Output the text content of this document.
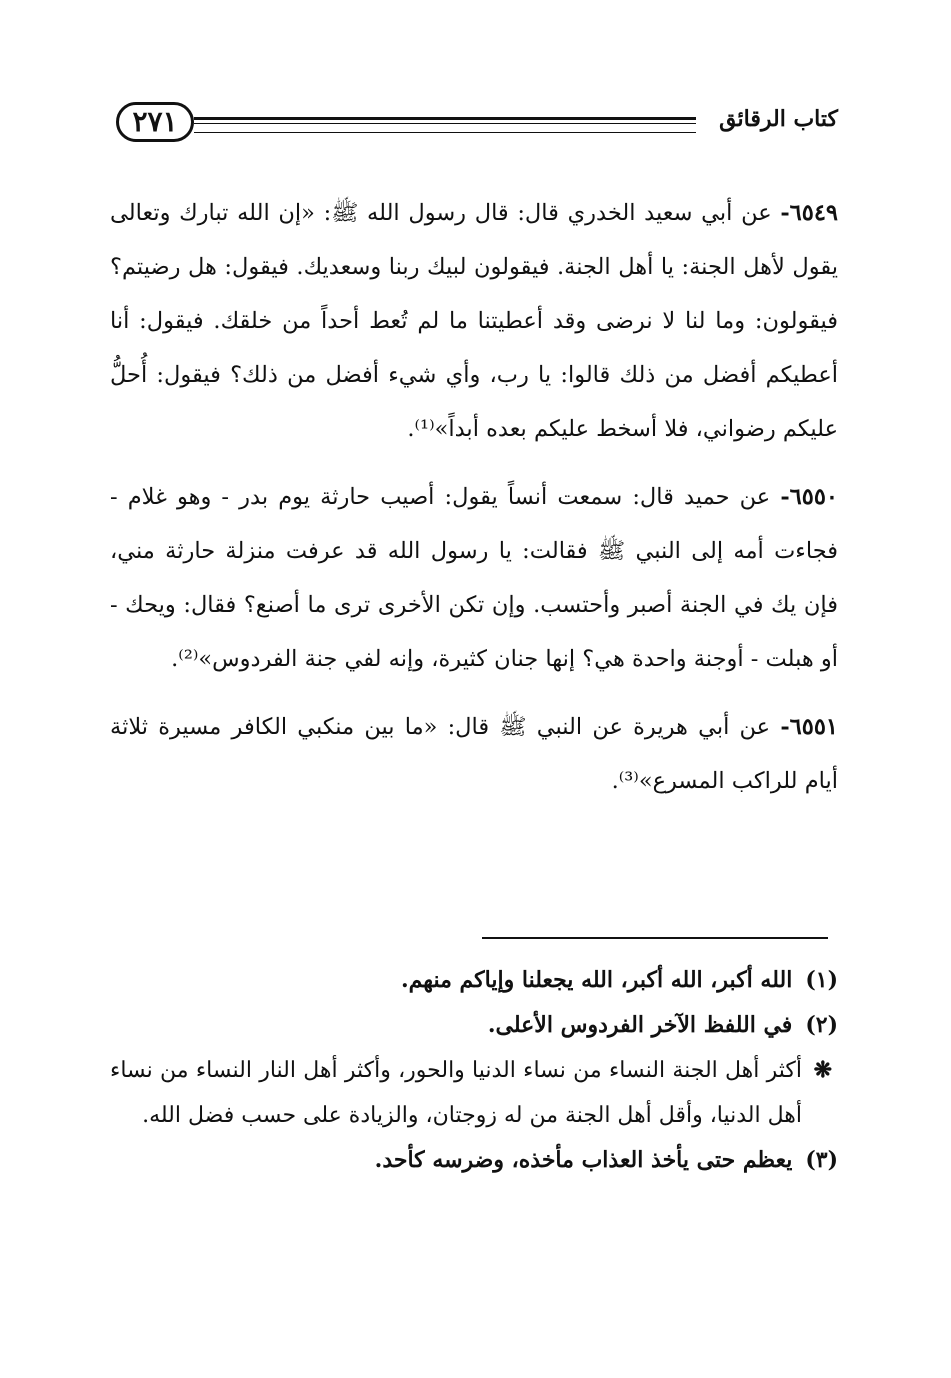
كتاب الرقائق
٢٧١

٦٥٤٩- عن أبي سعيد الخدري قال: قال رسول الله ﷺ: «إن الله تبارك وتعالى يقول لأهل الجنة: يا أهل الجنة. فيقولون لبيك ربنا وسعديك. فيقول: هل رضيتم؟ فيقولون: وما لنا لا نرضى وقد أعطيتنا ما لم تُعط أحداً من خلقك. فيقول: أنا أعطيكم أفضل من ذلك قالوا: يا رب، وأي شيء أفضل من ذلك؟ فيقول: أُحلُّ عليكم رضواني، فلا أسخط عليكم بعده أبداً»⁽¹⁾.

٦٥٥٠- عن حميد قال: سمعت أنساً يقول: أصيب حارثة يوم بدر - وهو غلام - فجاءت أمه إلى النبي ﷺ فقالت: يا رسول الله قد عرفت منزلة حارثة مني، فإن يك في الجنة أصبر وأحتسب. وإن تكن الأخرى ترى ما أصنع؟ فقال: ويحك - أو هبلت - أوجنة واحدة هي؟ إنها جنان كثيرة، وإنه لفي جنة الفردوس»⁽²⁾.

٦٥٥١- عن أبي هريرة عن النبي ﷺ قال: «ما بين منكبي الكافر مسيرة ثلاثة أيام للراكب المسرع»⁽³⁾.

(١) الله أكبر، الله أكبر، الله يجعلنا وإياكم منهم.

(٢) في اللفظ الآخر الفردوس الأعلى.

❋
أكثر أهل الجنة النساء من نساء الدنيا والحور، وأكثر أهل النار النساء من نساء أهل الدنيا، وأقل أهل الجنة من له زوجتان، والزيادة على حسب فضل الله.

(٣) يعظم حتى يأخذ العذاب مأخذه، وضرسه كأحد.
